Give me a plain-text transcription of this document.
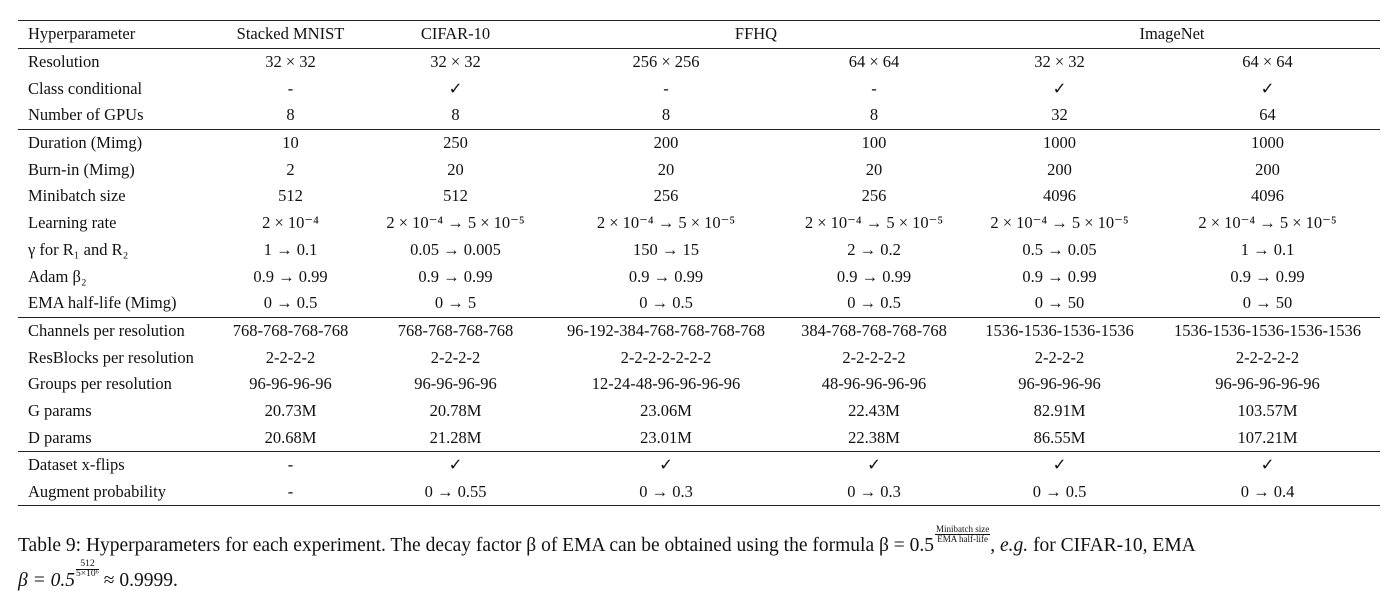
Hyperparameter	Stacked MNIST	CIFAR-10	FFHQ		ImageNet	
Resolution	32 × 32	32 × 32	256 × 256	64 × 64	32 × 32	64 × 64
Class conditional	-	✓	-	-	✓	✓
Number of GPUs	8	8	8	8	32	64
Duration (Mimg)	10	250	200	100	1000	1000
Burn-in (Mimg)	2	20	20	20	200	200
Minibatch size	512	512	256	256	4096	4096
Learning rate	2 × 10⁻⁴	2 × 10⁻⁴ → 5 × 10⁻⁵	2 × 10⁻⁴ → 5 × 10⁻⁵	2 × 10⁻⁴ → 5 × 10⁻⁵	2 × 10⁻⁴ → 5 × 10⁻⁵	2 × 10⁻⁴ → 5 × 10⁻⁵
γ for R₁ and R₂	1 → 0.1	0.05 → 0.005	150 → 15	2 → 0.2	0.5 → 0.05	1 → 0.1
Adam β₂	0.9 → 0.99	0.9 → 0.99	0.9 → 0.99	0.9 → 0.99	0.9 → 0.99	0.9 → 0.99
EMA half-life (Mimg)	0 → 0.5	0 → 5	0 → 0.5	0 → 0.5	0 → 50	0 → 50
Channels per resolution	768-768-768-768	768-768-768-768	96-192-384-768-768-768-768	384-768-768-768-768	1536-1536-1536-1536	1536-1536-1536-1536-1536
ResBlocks per resolution	2-2-2-2	2-2-2-2	2-2-2-2-2-2-2	2-2-2-2-2	2-2-2-2	2-2-2-2-2
Groups per resolution	96-96-96-96	96-96-96-96	12-24-48-96-96-96-96	48-96-96-96-96	96-96-96-96	96-96-96-96-96
G params	20.73M	20.78M	23.06M	22.43M	82.91M	103.57M
D params	20.68M	21.28M	23.01M	22.38M	86.55M	107.21M
Dataset x-flips	-	✓	✓	✓	✓	✓
Augment probability	-	0 → 0.55	0 → 0.3	0 → 0.3	0 → 0.5	0 → 0.4
Table 9: Hyperparameters for each experiment. The decay factor β of EMA can be obtained using the formula β = 0.5
$\frac{\text{Minibatch size}}{\text{EMA half-life}}$
, e.g. for CIFAR-10, EMA
β = 0.5
$\frac{512}{\text{5×10⁶}}$
≈ 0.9999.
